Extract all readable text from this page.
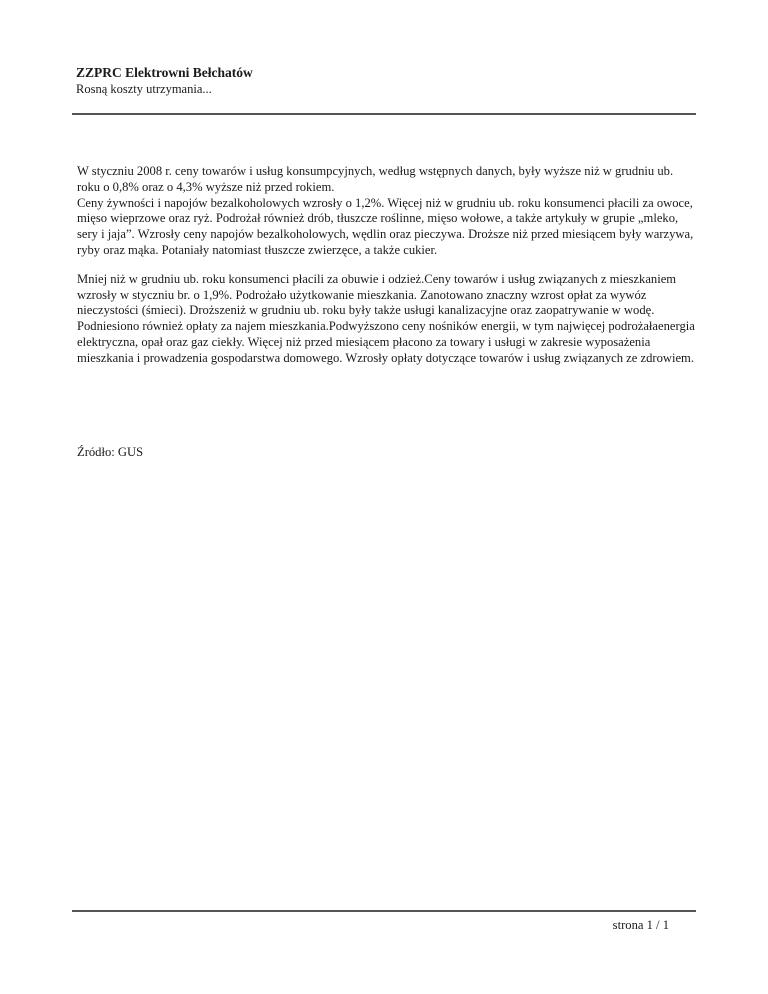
ZZPRC Elektrowni Bełchatów

Rosną koszty utrzymania...

W styczniu 2008 r. ceny towarów i usług konsumpcyjnych, według wstępnych danych, były wyższe niż w grudniu ub. roku o 0,8% oraz o 4,3% wyższe niż przed rokiem.

Ceny żywności i napojów bezalkoholowych wzrosły o 1,2%. Więcej niż w grudniu ub. roku konsumenci płacili za owoce, mięso wieprzowe oraz ryż. Podrożał również drób, tłuszcze roślinne, mięso wołowe, a także artykuły w grupie „mleko, sery i jaja”. Wzrosły ceny napojów bezalkoholowych, wędlin oraz pieczywa. Droższe niż przed miesiącem były warzywa, ryby oraz mąka. Potaniały natomiast tłuszcze zwierzęce, a także cukier.

Mniej niż w grudniu ub. roku konsumenci płacili za obuwie i odzież.Ceny towarów i usług związanych z mieszkaniem wzrosły w styczniu br. o 1,9%. Podrożało użytkowanie mieszkania. Zanotowano znaczny wzrost opłat za wywóz nieczystości (śmieci). Droższeniż w grudniu ub. roku były także usługi kanalizacyjne oraz zaopatrywanie w wodę. Podniesiono również opłaty za najem mieszkania.Podwyższono ceny nośników energii, w tym najwięcej podrożałaenergia elektryczna, opał oraz gaz ciekły. Więcej niż przed miesiącem płacono za towary i usługi w zakresie wyposażenia mieszkania i prowadzenia gospodarstwa domowego. Wzrosły opłaty dotyczące towarów i usług związanych ze zdrowiem.

Źródło: GUS

strona 1 / 1
